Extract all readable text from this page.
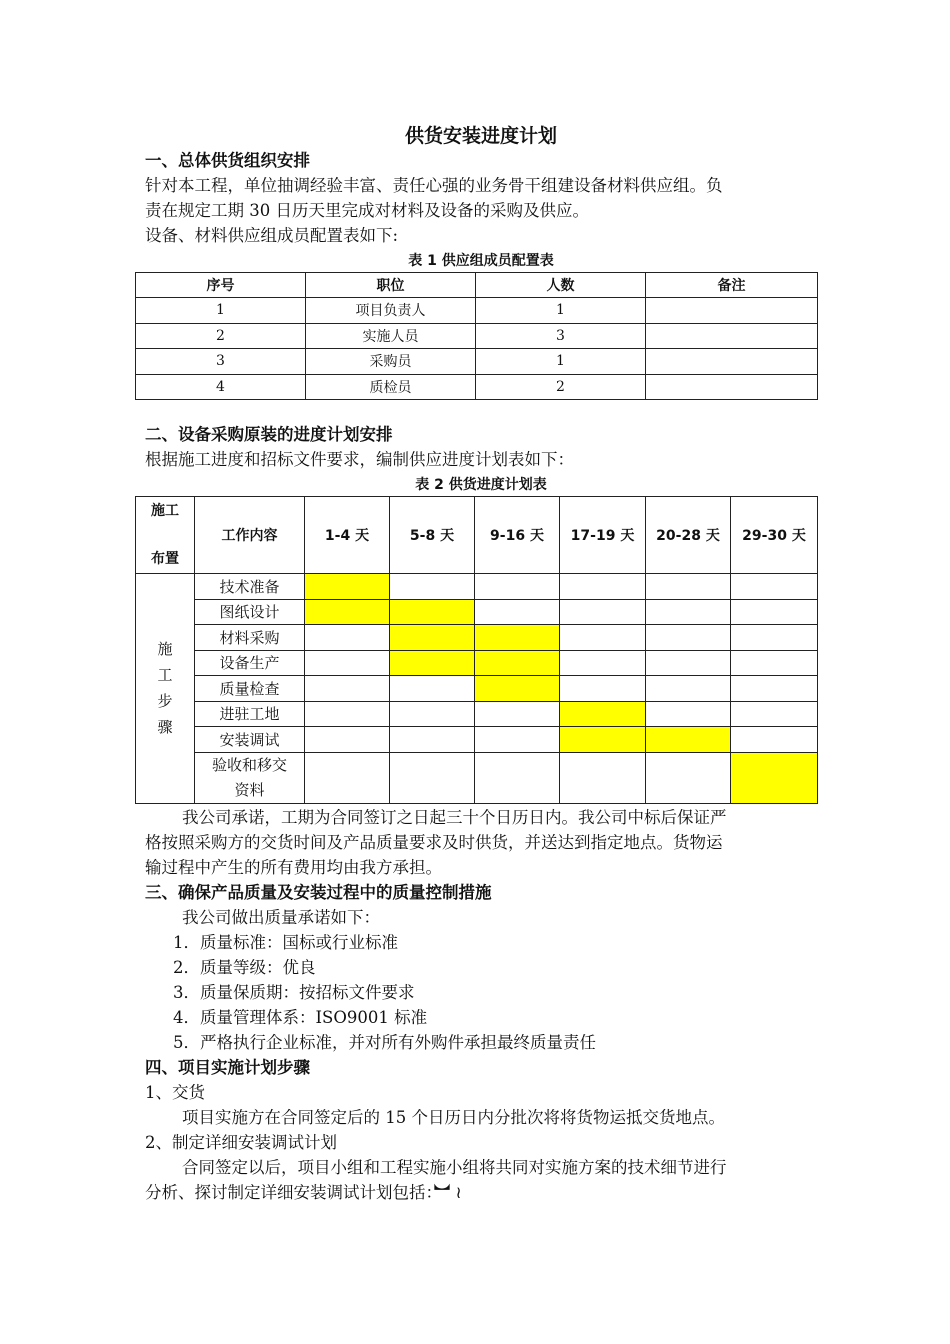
供货安装进度计划
一、总体供货组织安排
针对本工程，单位抽调经验丰富、责任心强的业务骨干组建设备材料供应组。负
责在规定工期 30 日历天里完成对材料及设备的采购及供应。
设备、材料供应组成员配置表如下:
表 1 供应组成员配置表
序号	职位	人数	备注
1	项目负责人	1	
2	实施人员	3	
3	采购员	1	
4	质检员	2	
二、设备采购原装的进度计划安排
根据施工进度和招标文件要求，编制供应进度计划表如下：
表 2 供货进度计划表
施工
布置	工作内容	1-4 天	5-8 天	9-16 天	17-19 天	20-28 天	29-30 天

施
工
步
骤	技术准备						

	图纸设计						

	材料采购						

	设备生产						

	质量检查						

	进驻工地						

	安装调试						

	验收和移交
资料						

我公司承诺，工期为合同签订之日起三十个日历日内。我公司中标后保证严
格按照采购方的交货时间及产品质量要求及时供货，并送达到指定地点。货物运
输过程中产生的所有费用均由我方承担。
三、确保产品质量及安装过程中的质量控制措施
我公司做出质量承诺如下：
1．质量标准：国标或行业标准
2．质量等级：优良
3．质量保质期：按招标文件要求
4．质量管理体系：ISO9001 标准
5．严格执行企业标准，并对所有外购件承担最终质量责任
四、项目实施计划步骤
1、交货
项目实施方在合同签定后的 15 个日历日内分批次将将货物运抵交货地点。
2、制定详细安装调试计划
合同签定以后，项目小组和工程实施小组将共同对实施方案的技术细节进行
分析、探讨制定详细安装调试计划包括：︼ ≀
